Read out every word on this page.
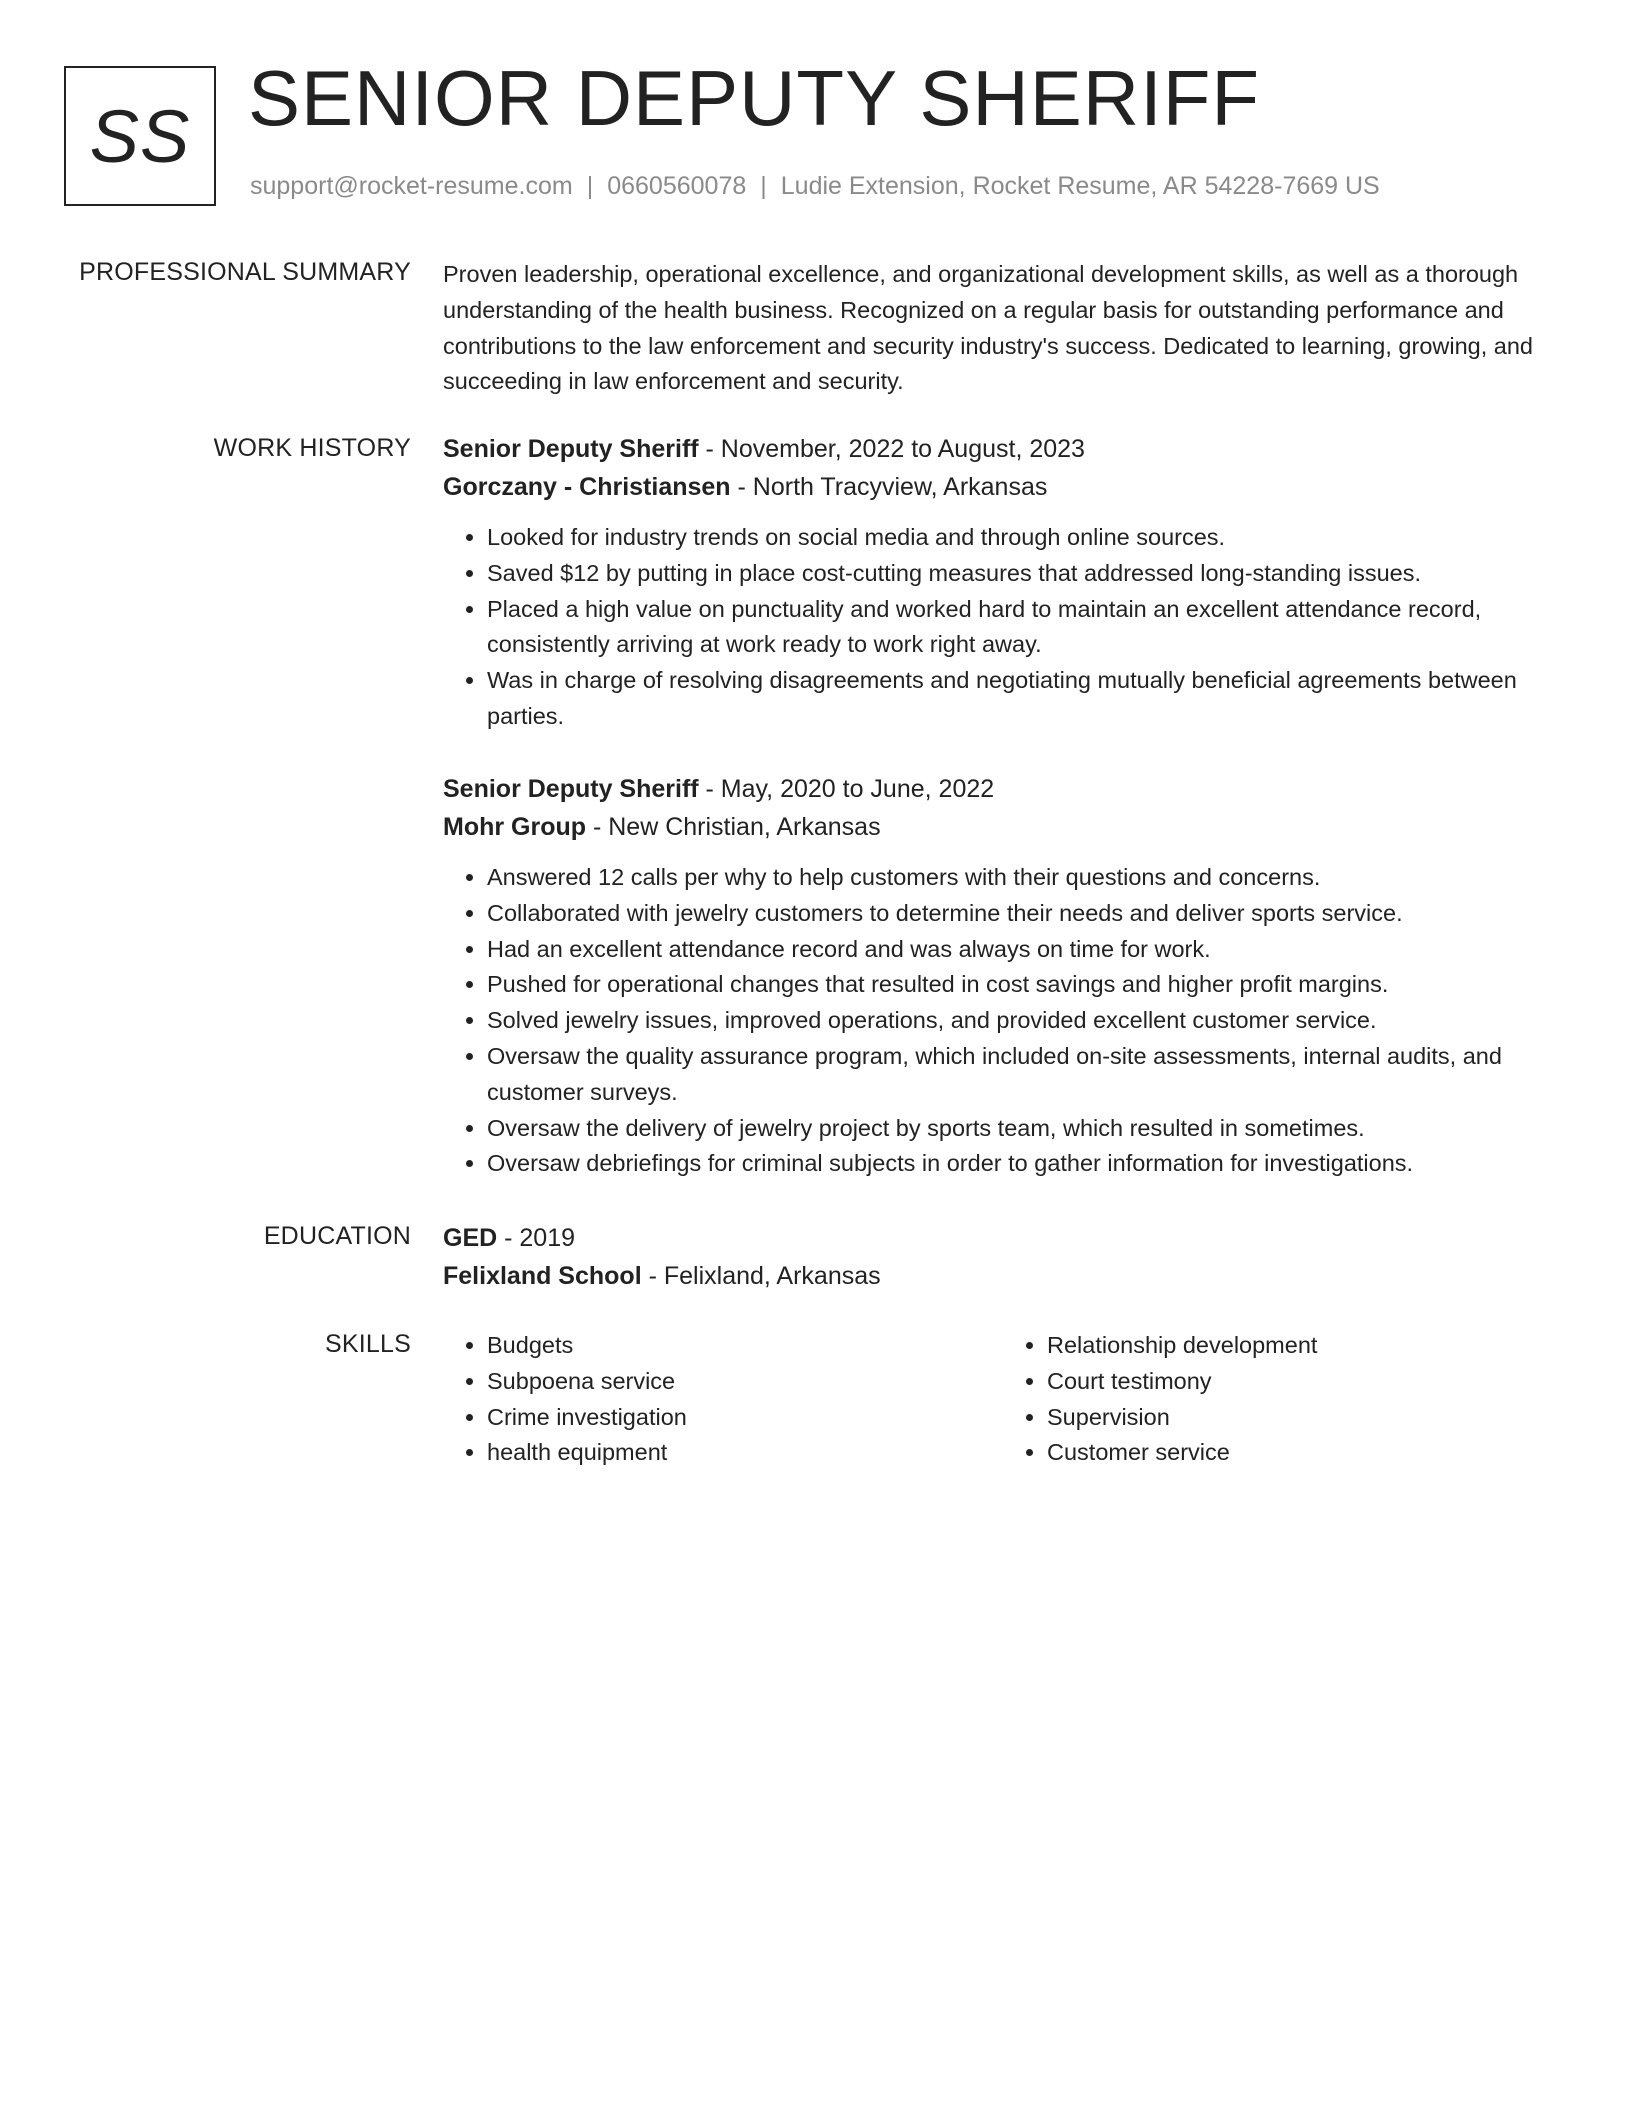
SS SENIOR DEPUTY SHERIFF
support@rocket-resume.com | 0660560078 | Ludie Extension, Rocket Resume, AR 54228-7669 US
PROFESSIONAL SUMMARY Proven leadership, operational excellence, and organizational development skills, as well as a thorough understanding of the health business. Recognized on a regular basis for outstanding performance and contributions to the law enforcement and security industry's success. Dedicated to learning, growing, and succeeding in law enforcement and security.
WORK HISTORY Senior Deputy Sheriff - November, 2022 to August, 2023
Gorczany - Christiansen - North Tracyview, Arkansas
• Looked for industry trends on social media and through online sources.
• Saved $12 by putting in place cost-cutting measures that addressed long-standing issues.
• Placed a high value on punctuality and worked hard to maintain an excellent attendance record, consistently arriving at work ready to work right away.
• Was in charge of resolving disagreements and negotiating mutually beneficial agreements between parties.
Senior Deputy Sheriff - May, 2020 to June, 2022
Mohr Group - New Christian, Arkansas
• Answered 12 calls per why to help customers with their questions and concerns.
• Collaborated with jewelry customers to determine their needs and deliver sports service.
• Had an excellent attendance record and was always on time for work.
• Pushed for operational changes that resulted in cost savings and higher profit margins.
• Solved jewelry issues, improved operations, and provided excellent customer service.
• Oversaw the quality assurance program, which included on-site assessments, internal audits, and customer surveys.
• Oversaw the delivery of jewelry project by sports team, which resulted in sometimes.
• Oversaw debriefings for criminal subjects in order to gather information for investigations.
EDUCATION GED - 2019
Felixland School - Felixland, Arkansas
SKILLS
•	Budgets
• Subpoena service
• Crime investigation
• health equipment
• Relationship development
• Court testimony
• Supervision
• Customer service
